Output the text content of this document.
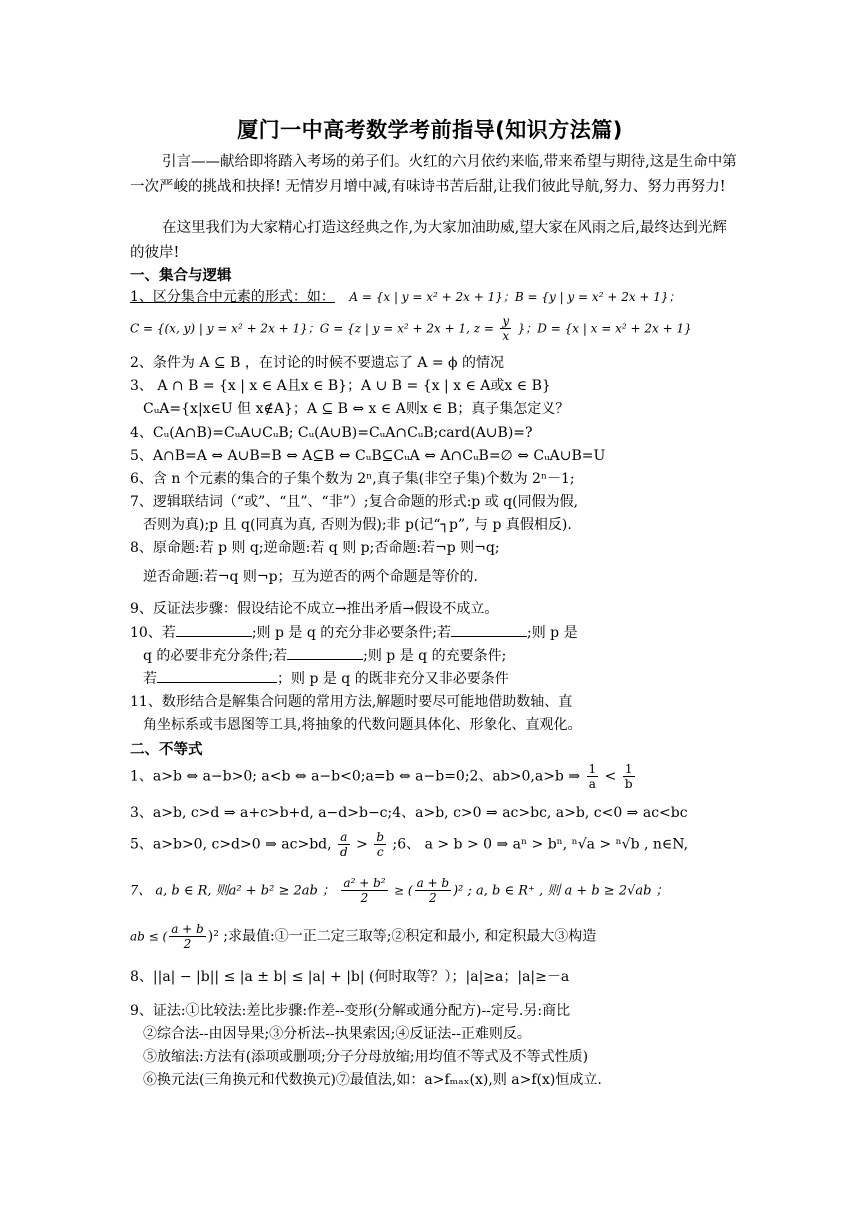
厦门一中高考数学考前指导(知识方法篇)
引言——献给即将踏入考场的弟子们。火红的六月依约来临,带来希望与期待,这是生命中第一次严峻的挑战和抉择! 无情岁月增中减,有味诗书苦后甜,让我们彼此导航,努力、努力再努力!
在这里我们为大家精心打造这经典之作,为大家加油助威,望大家在风雨之后,最终达到光辉的彼岸!
一、集合与逻辑
1、区分集合中元素的形式：如： A = {x | y = x² + 2x + 1}；B = {y | y = x² + 2x + 1}；
C = {(x, y) | y = x² + 2x + 1}；G = {z | y = x² + 2x + 1, $z = \frac{y}{x}$ }；D = {x | x = x² + 2x + 1}
2、条件为 A ⊆ B ，在讨论的时候不要遗忘了 A = ϕ 的情况
3、 A ∩ B = {x | x ∈ A且x ∈ B}；A ∪ B = {x | x ∈ A或x ∈ B}
CᵤA={x|x∈U 但 x∉A}；A ⊆ B ⇔ x ∈ A则x ∈ B；真子集怎定义？
4、Cᵤ(A∩B)=CᵤA∪CᵤB; Cᵤ(A∪B)=CᵤA∩CᵤB;card(A∪B)=?
5、A∩B=A ⇔ A∪B=B ⇔ A⊆B ⇔ CᵤB⊆CᵤA ⇔ A∩CᵤB=∅ ⇔ CᵤA∪B=U
6、含 n 个元素的集合的子集个数为 2ⁿ,真子集(非空子集)个数为 2ⁿ－1;
7、逻辑联结词（“或”、“且”、“非”）;复合命题的形式:p 或 q(同假为假,
否则为真);p 且 q(同真为真, 否则为假);非 p(记“┐p”, 与 p 真假相反).
8、原命题:若 p 则 q;逆命题:若 q 则 p;否命题:若¬p 则¬q;
逆否命题:若¬q 则¬p；互为逆否的两个命题是等价的.
9、反证法步骤：假设结论不成立→推出矛盾→假设不成立。
10、若	;则 p 是 q 的充分非必要条件;若	;则 p 是
q 的必要非充分条件;若	;则 p 是 q 的充要条件;
若	；则 p 是 q 的既非充分又非必要条件
11、数形结合是解集合问题的常用方法,解题时要尽可能地借助数轴、直
角坐标系或韦恩图等工具,将抽象的代数问题具体化、形象化、直观化。
二、不等式
1、a>b ⇔ a−b>0; a<b ⇔ a−b<0;a=b ⇔ a−b=0;2、ab>0,a>b ⇒ $\frac{1}{a} < \frac{1}{b}$
3、a>b, c>d ⇒ a+c>b+d, a−d>b−c;4、a>b, c>0 ⇒ ac>bc, a>b, c<0 ⇒ ac<bc
5、a>b>0, c>d>0 ⇒ ac>bd, $\frac{a}{d} > \frac{b}{c}$ ;6、 a > b > 0 ⇒ aⁿ > bⁿ, ⁿ√a > ⁿ√b , n∈N,
7、 a, b ∈ R, 则a² + b² ≥ 2ab ； $\frac{\text{a² + b²}}{2}$ ≥ ( $\frac{a + b}{2} )^2$ ; a, b ∈ R⁺ , 则 a + b ≥ 2√ab ；
ab ≤ ( $\frac{a + b}{2} )^2$ ;求最值:①一正二定三取等;②积定和最小, 和定积最大③构造
8、||a| − |b|| ≤ |a ± b| ≤ |a| + |b| (何时取等？）；|a|≥a；|a|≥－a
9、证法:①比较法:差比步骤:作差--变形(分解或通分配方)--定号.另:商比
②综合法--由因导果;③分析法--执果索因;④反证法--正难则反。
⑤放缩法:方法有(添项或删项;分子分母放缩;用均值不等式及不等式性质)
⑥换元法(三角换元和代数换元)⑦最值法,如：a>fₘₐₓ(x),则 a>f(x)恒成立.
